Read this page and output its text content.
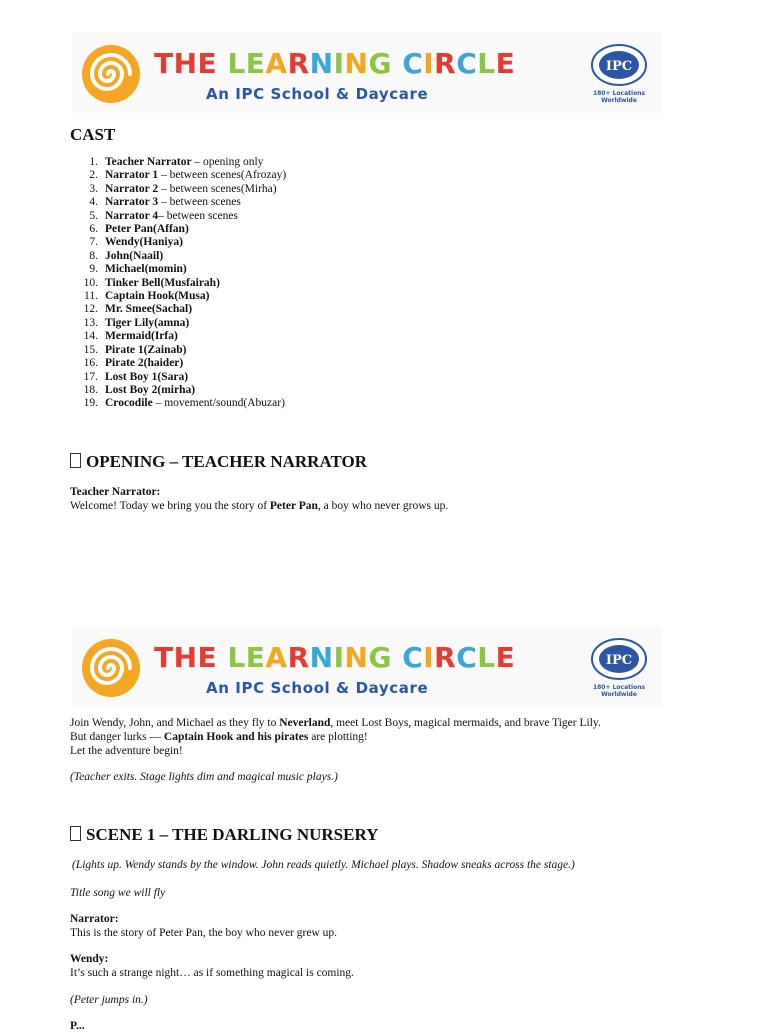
THE LEARNING CIRCLE
An IPC School & Daycare
IPC
180+ Locations
Worldwide
CAST
1. Teacher Narrator – opening only
2. Narrator 1 – between scenes(Afrozay)
3. Narrator 2 – between scenes(Mirha)
4. Narrator 3 – between scenes
5. Narrator 4– between scenes
6. Peter Pan(Affan)
7. Wendy(Haniya)
8. John(Naail)
9. Michael(momin)
10. Tinker Bell(Musfairah)
11. Captain Hook(Musa)
12. Mr. Smee(Sachal)
13. Tiger Lily(amna)
14. Mermaid(Irfa)
15. Pirate 1(Zainab)
16. Pirate 2(haider)
17. Lost Boy 1(Sara)
18. Lost Boy 2(mirha)
19. Crocodile – movement/sound(Abuzar)
OPENING – TEACHER NARRATOR

Teacher Narrator:

Welcome! Today we bring you the story of Peter Pan, a boy who never grows up.

THE LEARNING CIRCLE
An IPC School & Daycare
IPC
180+ Locations
Worldwide

Join Wendy, John, and Michael as they fly to Neverland, meet Lost Boys, magical mermaids, and brave Tiger Lily.

But danger lurks — Captain Hook and his pirates are plotting!

Let the adventure begin!

(Teacher exits. Stage lights dim and magical music plays.)

SCENE 1 – THE DARLING NURSERY

(Lights up. Wendy stands by the window. John reads quietly. Michael plays. Shadow sneaks across the stage.)

Title song we will fly

Narrator:

This is the story of Peter Pan, the boy who never grew up.

Wendy:

It’s such a strange night… as if something magical is coming.

(Peter jumps in.)

P...
